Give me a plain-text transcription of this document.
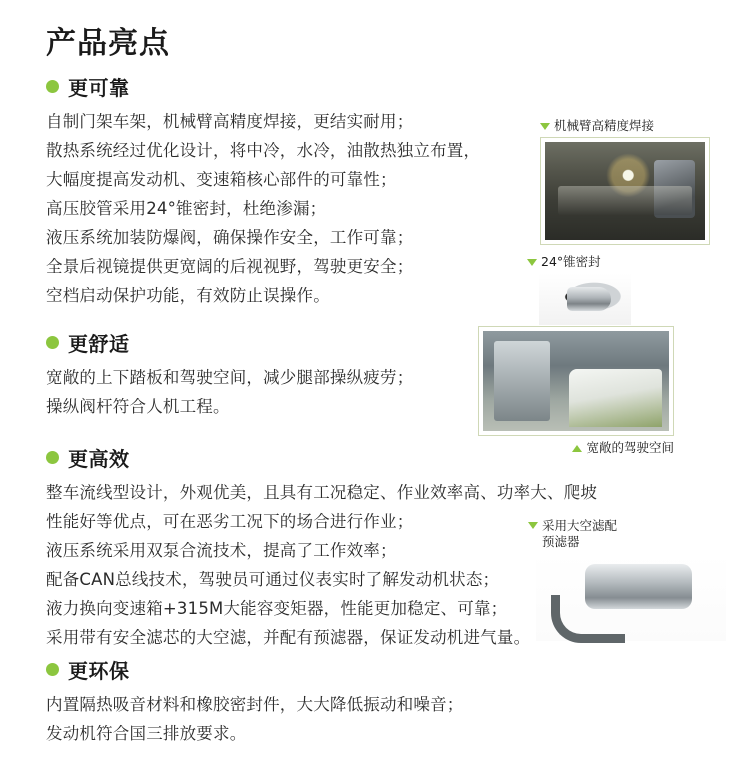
产品亮点
更可靠

自制门架车架，机械臂高精度焊接，更结实耐用；

散热系统经过优化设计，将中冷，水冷，油散热独立布置，

大幅度提高发动机、变速箱核心部件的可靠性；

高压胶管采用24°锥密封，杜绝渗漏；

液压系统加装防爆阀，确保操作安全，工作可靠；

全景后视镜提供更宽阔的后视视野，驾驶更安全；

空档启动保护功能，有效防止误操作。

更舒适

宽敞的上下踏板和驾驶空间，减少腿部操纵疲劳；

操纵阀杆符合人机工程。

更高效

整车流线型设计，外观优美，且具有工况稳定、作业效率高、功率大、爬坡

性能好等优点，可在恶劣工况下的场合进行作业；

液压系统采用双泵合流技术，提高了工作效率；

配备CAN总线技术，驾驶员可通过仪表实时了解发动机状态；

液力换向变速箱+315M大能容变矩器，性能更加稳定、可靠；

采用带有安全滤芯的大空滤，并配有预滤器，保证发动机进气量。

更环保

内置隔热吸音材料和橡胶密封件，大大降低振动和噪音；

发动机符合国三排放要求。

机械臂高精度焊接
24°锥密封
宽敞的驾驶空间
采用大空滤配
预滤器
